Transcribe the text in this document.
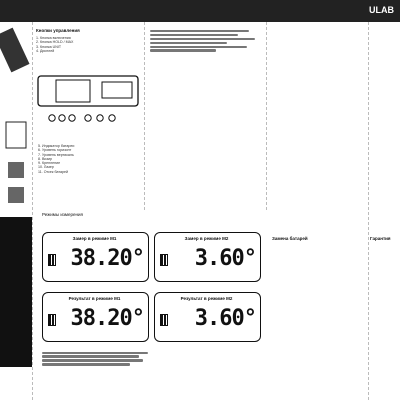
ULAB
Кнопки управления
1. Кнопка включения
2. Кнопка HOLD / MAX
3. Кнопка UNIT
4. Дисплей
5. Индикатор батареи
6. Уровень горизонт
7. Уровень вертикаль
8. Визир
9. Крепление
10. Лазер
11. Отсек батарей
Замена батарей	Гарантия
Режимы измерения
Замер в режиме M1
38.20°
Замер в режиме M2
3.60°
Результат в режиме M1
38.20°
Результат в режиме M2
3.60°
